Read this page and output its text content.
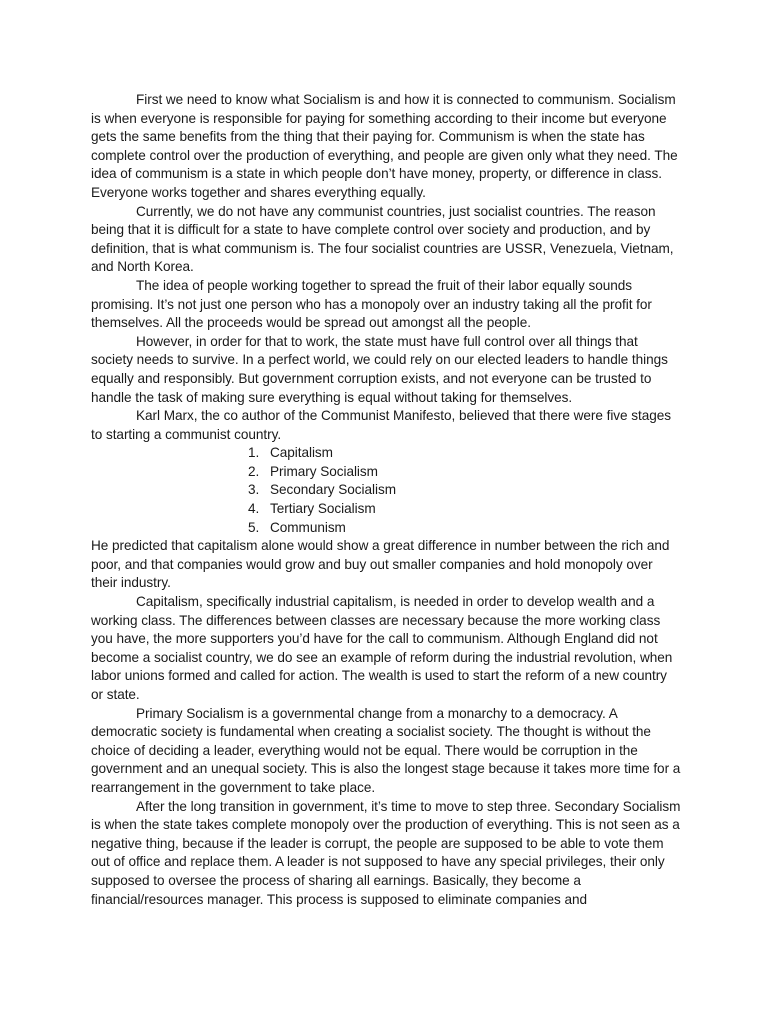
First we need to know what Socialism is and how it is connected to communism. Socialism is when everyone is responsible for paying for something according to their income but everyone gets the same benefits from the thing that their paying for. Communism is when the state has complete control over the production of everything, and people are given only what they need. The idea of communism is a state in which people don’t have money, property, or difference in class. Everyone works together and shares everything equally.

Currently, we do not have any communist countries, just socialist countries. The reason being that it is difficult for a state to have complete control over society and production, and by definition, that is what communism is. The four socialist countries are USSR, Venezuela, Vietnam, and North Korea.

The idea of people working together to spread the fruit of their labor equally sounds promising. It’s not just one person who has a monopoly over an industry taking all the profit for themselves. All the proceeds would be spread out amongst all the people.

However, in order for that to work, the state must have full control over all things that society needs to survive. In a perfect world, we could rely on our elected leaders to handle things equally and responsibly. But government corruption exists, and not everyone can be trusted to handle the task of making sure everything is equal without taking for themselves.

Karl Marx, the co author of the Communist Manifesto, believed that there were five stages to starting a communist country.

1. Capitalism
2. Primary Socialism
3. Secondary Socialism
4. Tertiary Socialism
5. Communism

He predicted that capitalism alone would show a great difference in number between the rich and poor, and that companies would grow and buy out smaller companies and hold monopoly over their industry.

Capitalism, specifically industrial capitalism, is needed in order to develop wealth and a working class. The differences between classes are necessary because the more working class you have, the more supporters you’d have for the call to communism. Although England did not become a socialist country, we do see an example of reform during the industrial revolution, when labor unions formed and called for action. The wealth is used to start the reform of a new country or state.

Primary Socialism is a governmental change from a monarchy to a democracy. A democratic society is fundamental when creating a socialist society. The thought is without the choice of deciding a leader, everything would not be equal. There would be corruption in the government and an unequal society. This is also the longest stage because it takes more time for a rearrangement in the government to take place.

After the long transition in government, it’s time to move to step three. Secondary Socialism is when the state takes complete monopoly over the production of everything. This is not seen as a negative thing, because if the leader is corrupt, the people are supposed to be able to vote them out of office and replace them. A leader is not supposed to have any special privileges, their only supposed to oversee the process of sharing all earnings. Basically, they become a financial/resources manager. This process is supposed to eliminate companies and
